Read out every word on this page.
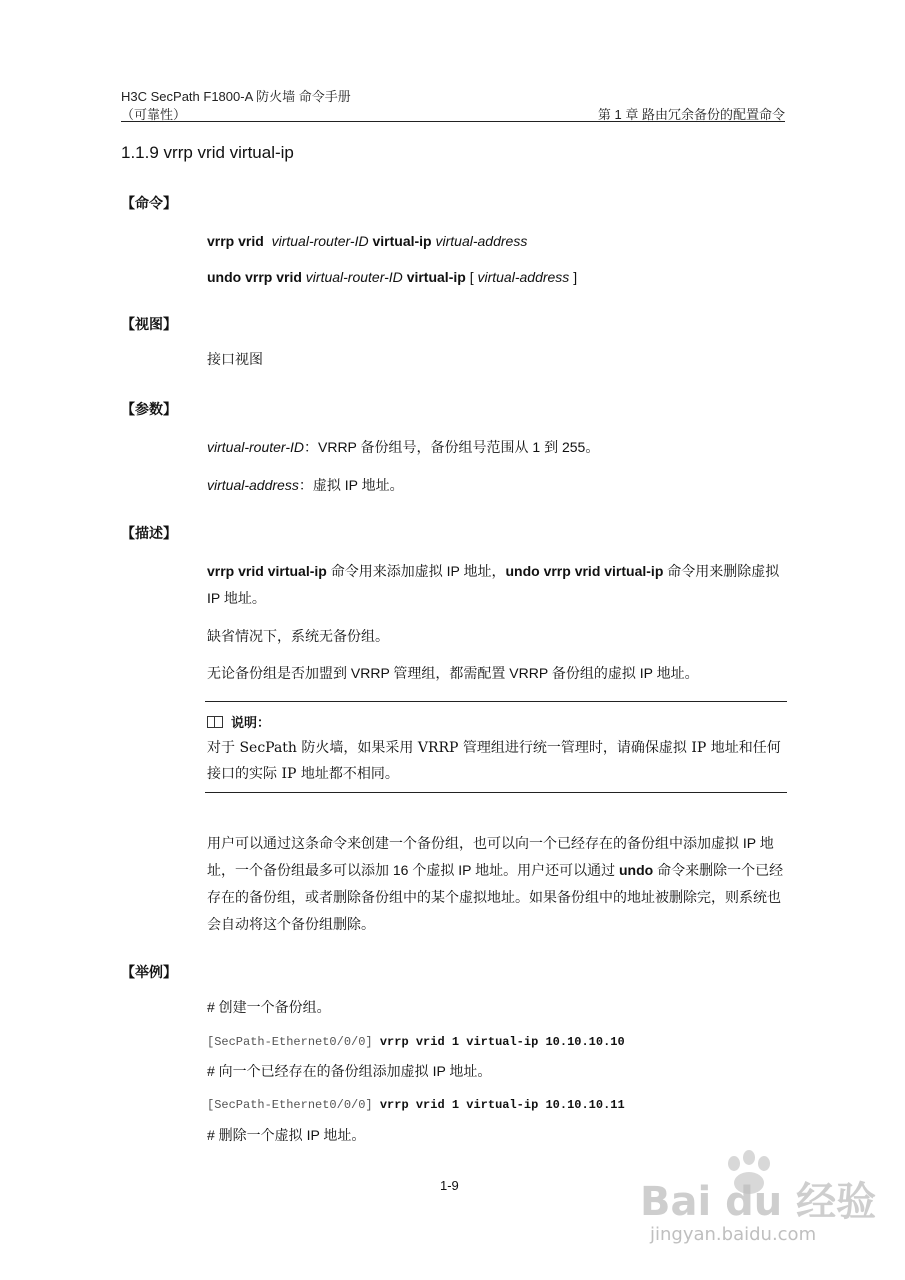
H3C SecPath F1800-A 防火墙 命令手册
（可靠性）	第 1 章 路由冗余备份的配置命令
1.1.9 vrrp vrid virtual-ip
【命令】
vrrp vrid virtual-router-ID virtual-ip virtual-address
undo vrrp vrid virtual-router-ID virtual-ip [ virtual-address ]
【视图】
接口视图
【参数】
virtual-router-ID：VRRP 备份组号，备份组号范围从 1 到 255。
virtual-address：虚拟 IP 地址。
【描述】
vrrp vrid virtual-ip 命令用来添加虚拟 IP 地址，undo vrrp vrid virtual-ip 命令用来删除虚拟 IP 地址。
缺省情况下，系统无备份组。
无论备份组是否加盟到 VRRP 管理组，都需配置 VRRP 备份组的虚拟 IP 地址。
说明：
对于 SecPath 防火墙，如果采用 VRRP 管理组进行统一管理时，请确保虚拟 IP 地址和任何接口的实际 IP 地址都不相同。
用户可以通过这条命令来创建一个备份组，也可以向一个已经存在的备份组中添加虚拟 IP 地址，一个备份组最多可以添加 16 个虚拟 IP 地址。用户还可以通过 undo 命令来删除一个已经存在的备份组，或者删除备份组中的某个虚拟地址。如果备份组中的地址被删除完，则系统也会自动将这个备份组删除。
【举例】
# 创建一个备份组。
[SecPath-Ethernet0/0/0] vrrp vrid 1 virtual-ip 10.10.10.10
# 向一个已经存在的备份组添加虚拟 IP 地址。
[SecPath-Ethernet0/0/0] vrrp vrid 1 virtual-ip 10.10.10.11
# 删除一个虚拟 IP 地址。
1-9	Bai du 经验
jingyan.baidu.com
